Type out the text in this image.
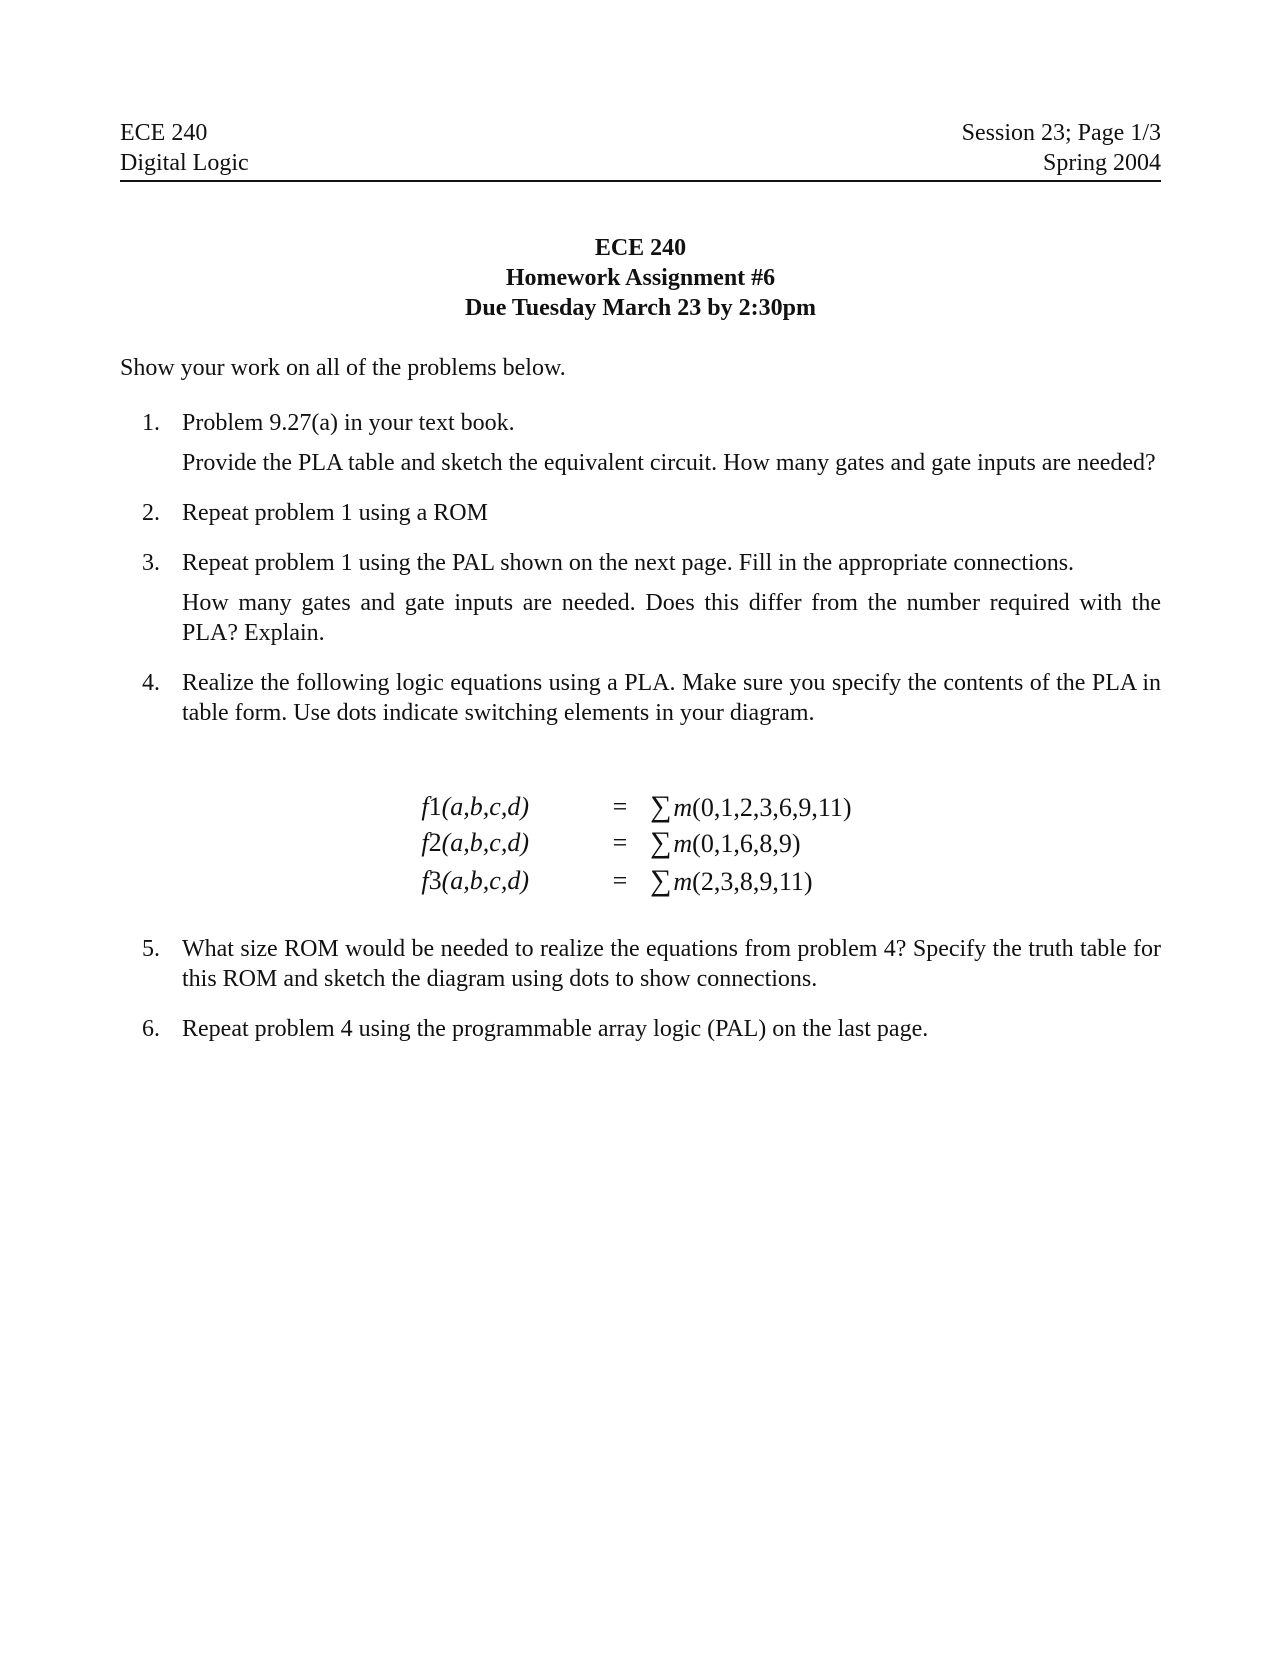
ECE 240
Digital Logic
Session 23; Page 1/3
Spring 2004
ECE 240
Homework Assignment #6
Due Tuesday March 23 by 2:30pm
Show your work on all of the problems below.
1. Problem 9.27(a) in your text book.

Provide the PLA table and sketch the equivalent circuit. How many gates and gate inputs are needed?

2. Repeat problem 1 using a ROM

3. Repeat problem 1 using the PAL shown on the next page. Fill in the appropriate connections.

How many gates and gate inputs are needed. Does this differ from the number required with the PLA? Explain.

4. Realize the following logic equations using a PLA. Make sure you specify the contents of the PLA in table form. Use dots indicate switching elements in your diagram.

f1(a,b,c,d)	= ∑m(0,1,2,3,6,9,11)
f2(a,b,c,d)	= ∑m(0,1,6,8,9)
f3(a,b,c,d)	= ∑m(2,3,8,9,11)
5. What size ROM would be needed to realize the equations from problem 4? Specify the truth table for this ROM and sketch the diagram using dots to show connections.

6. Repeat problem 4 using the programmable array logic (PAL) on the last page.
